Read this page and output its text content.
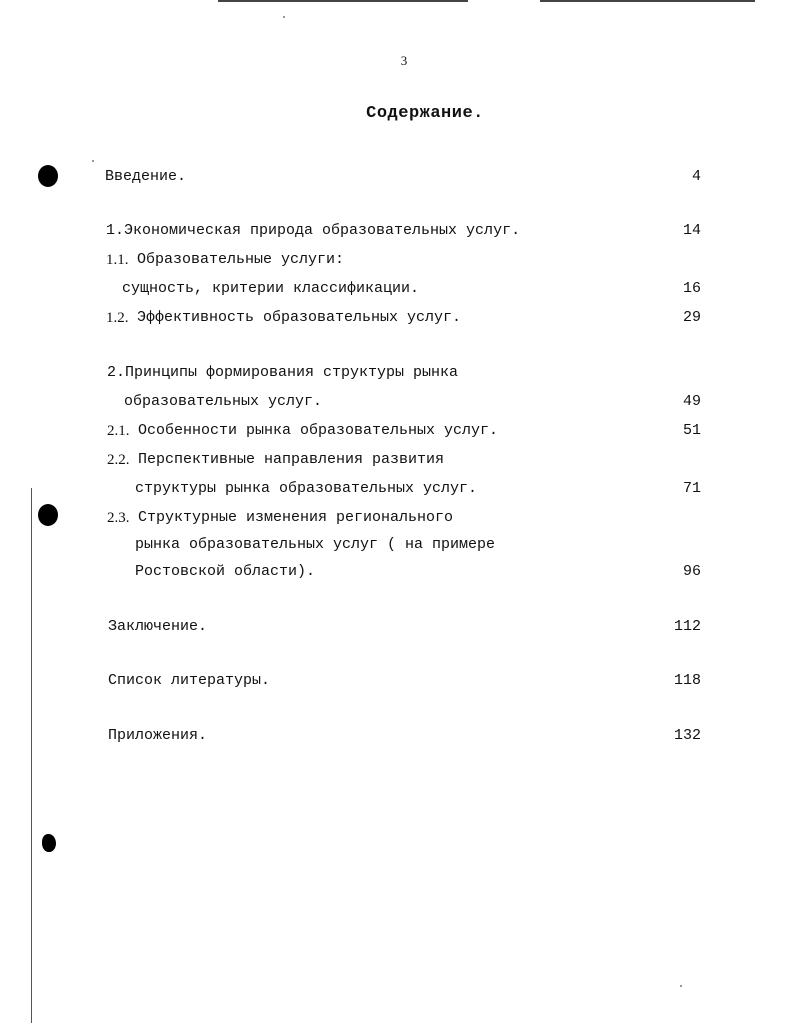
3
Содержание.
Введение.	4
1.Экономическая природа образовательных услуг.	14
1.1. Образовательные услуги:
сущность, критерии классификации.	16
1.2. Эффективность образовательных услуг.	29
2.Принципы формирования структуры рынка
образовательных услуг.	49
2.1. Особенности рынка образовательных услуг.	51
2.2. Перспективные направления развития
структуры рынка образовательных услуг.	71
2.3. Структурные изменения регионального
рынка образовательных услуг ( на примере
Ростовской области).	96
Заключение.	112
Список литературы.	118
Приложения.	132
